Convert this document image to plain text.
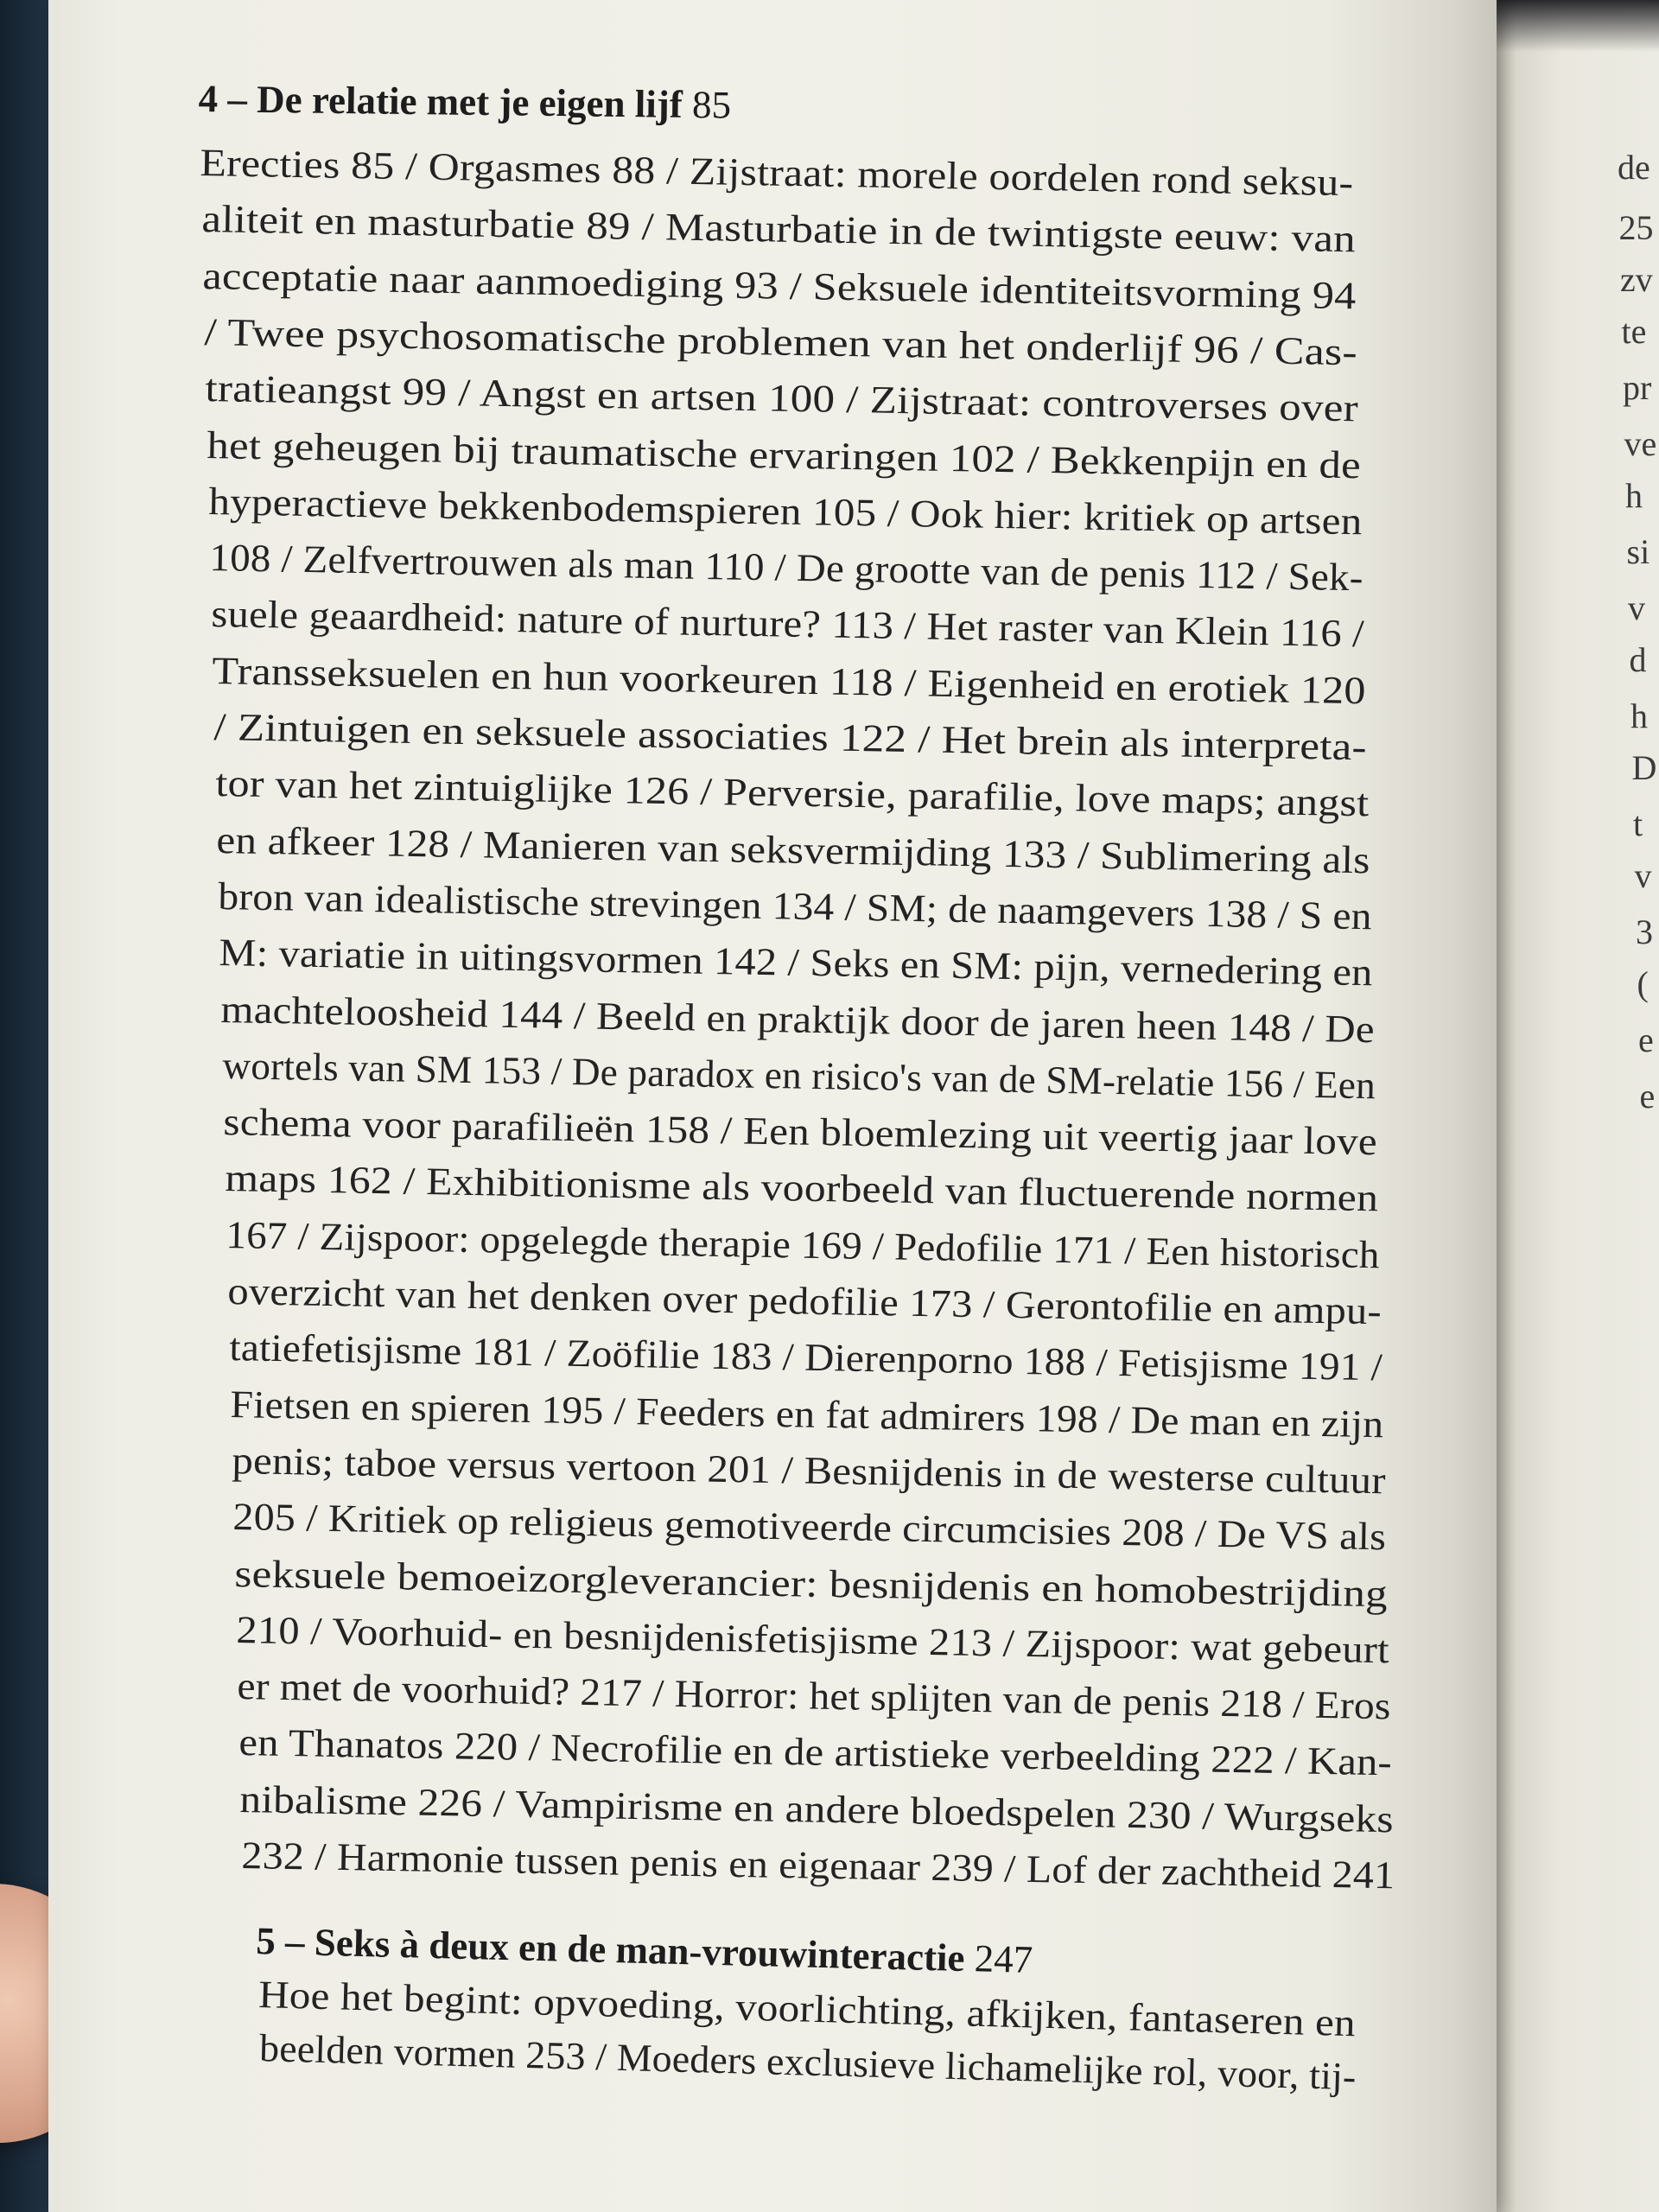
de
25
zv
te
pr
ve
h
si
v
d
h
D
t
v
3
(
e
e
4 – De relatie met je eigen lijf 85
Erecties 85 / Orgasmes 88 / Zijstraat: morele oordelen rond seksu-
aliteit en masturbatie 89 / Masturbatie in de twintigste eeuw: van
acceptatie naar aanmoediging 93 / Seksuele identiteitsvorming 94
/ Twee psychosomatische problemen van het onderlijf 96 / Cas-
tratieangst 99 / Angst en artsen 100 / Zijstraat: controverses over
het geheugen bij traumatische ervaringen 102 / Bekkenpijn en de
hyperactieve bekkenbodemspieren 105 / Ook hier: kritiek op artsen
108 / Zelfvertrouwen als man 110 / De grootte van de penis 112 / Sek-
suele geaardheid: nature of nurture? 113 / Het raster van Klein 116 /
Transseksuelen en hun voorkeuren 118 / Eigenheid en erotiek 120
/ Zintuigen en seksuele associaties 122 / Het brein als interpreta-
tor van het zintuiglijke 126 / Perversie, parafilie, love maps; angst
en afkeer 128 / Manieren van seksvermijding 133 / Sublimering als
bron van idealistische strevingen 134 / SM; de naamgevers 138 / S en
M: variatie in uitingsvormen 142 / Seks en SM: pijn, vernedering en
machteloosheid 144 / Beeld en praktijk door de jaren heen 148 / De
wortels van SM 153 / De paradox en risico's van de SM-relatie 156 / Een
schema voor parafilieën 158 / Een bloemlezing uit veertig jaar love
maps 162 / Exhibitionisme als voorbeeld van fluctuerende normen
167 / Zijspoor: opgelegde therapie 169 / Pedofilie 171 / Een historisch
overzicht van het denken over pedofilie 173 / Gerontofilie en ampu-
tatiefetisjisme 181 / Zoöfilie 183 / Dierenporno 188 / Fetisjisme 191 /
Fietsen en spieren 195 / Feeders en fat admirers 198 / De man en zijn
penis; taboe versus vertoon 201 / Besnijdenis in de westerse cultuur
205 / Kritiek op religieus gemotiveerde circumcisies 208 / De VS als
seksuele bemoeizorgleverancier: besnijdenis en homobestrijding
210 / Voorhuid- en besnijdenisfetisjisme 213 / Zijspoor: wat gebeurt
er met de voorhuid? 217 / Horror: het splijten van de penis 218 / Eros
en Thanatos 220 / Necrofilie en de artistieke verbeelding 222 / Kan-
nibalisme 226 / Vampirisme en andere bloedspelen 230 / Wurgseks
232 / Harmonie tussen penis en eigenaar 239 / Lof der zachtheid 241
5 – Seks à deux en de man-vrouwinteractie 247
Hoe het begint: opvoeding, voorlichting, afkijken, fantaseren en
beelden vormen 253 / Moeders exclusieve lichamelijke rol, voor, tij-
